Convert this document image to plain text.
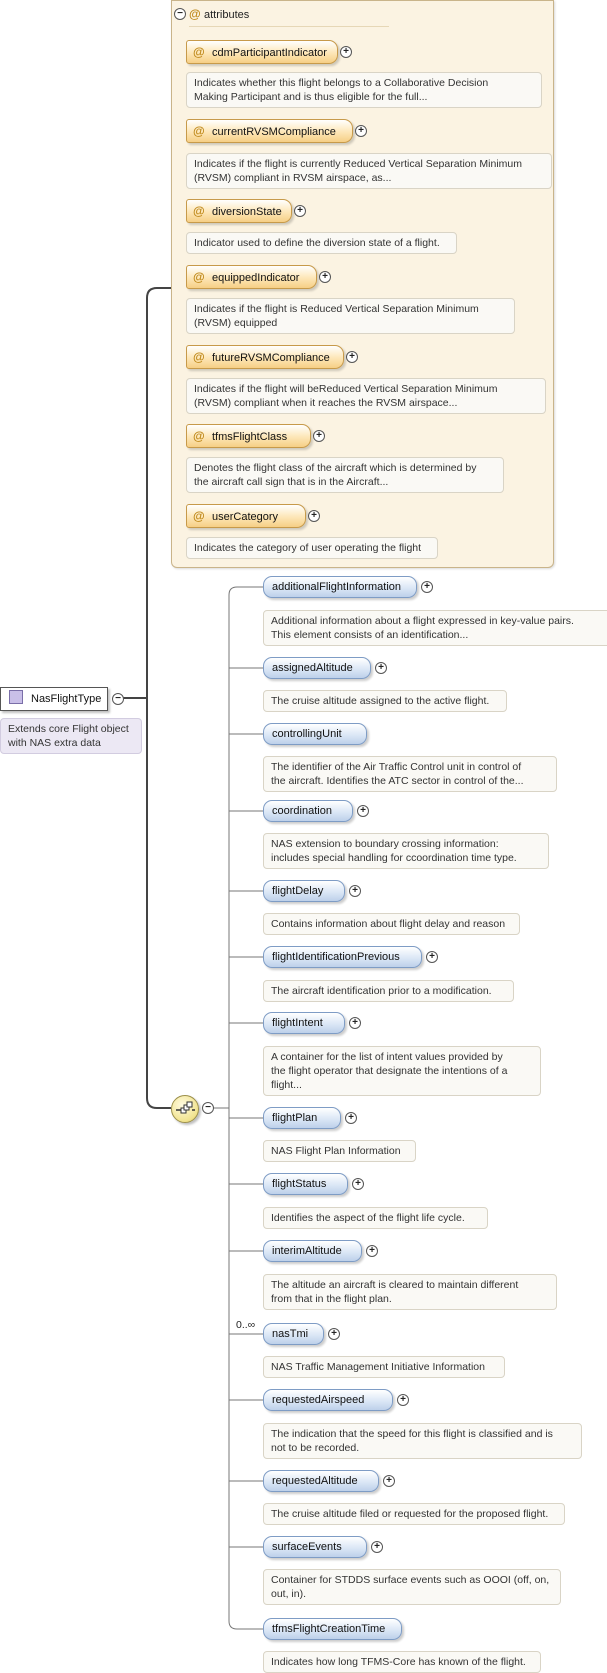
− @ attributes
@ cdmParticipantIndicator	+
Indicates whether this flight belongs to a Collaborative Decision
Making Participant and is thus eligible for the full...
@ currentRVSMCompliance	+
Indicates if the flight is currently Reduced Vertical Separation Minimum
(RVSM) compliant in RVSM airspace, as...
@ diversionState	+
Indicator used to define the diversion state of a flight.
@ equippedIndicator	+
Indicates if the flight is Reduced Vertical Separation Minimum
(RVSM) equipped
@ futureRVSMCompliance	+
Indicates if the flight will beReduced Vertical Separation Minimum
(RVSM) compliant when it reaches the RVSM airspace...
@ tfmsFlightClass	+
Denotes the flight class of the aircraft which is determined by
the aircraft call sign that is in the Aircraft...
@ userCategory	+
Indicates the category of user operating the flight
NasFlightType	−
Extends core Flight object
with NAS extra data
−
additionalFlightInformation	+
Additional information about a flight expressed in key-value pairs.
This element consists of an identification...
assignedAltitude	+
The cruise altitude assigned to the active flight.
controllingUnit
The identifier of the Air Traffic Control unit in control of
the aircraft. Identifies the ATC sector in control of the...
coordination	+
NAS extension to boundary crossing information:
includes special handling for ccoordination time type.
flightDelay	+
Contains information about flight delay and reason
flightIdentificationPrevious	+
The aircraft identification prior to a modification.
flightIntent	+
A container for the list of intent values provided by
the flight operator that designate the intentions of a
flight...
flightPlan	+
NAS Flight Plan Information
flightStatus	+
Identifies the aspect of the flight life cycle.
interimAltitude	+
The altitude an aircraft is cleared to maintain different
from that in the flight plan.
nasTmi	+
0..∞
NAS Traffic Management Initiative Information
requestedAirspeed	+
The indication that the speed for this flight is classified and is
not to be recorded.
requestedAltitude	+
The cruise altitude filed or requested for the proposed flight.
surfaceEvents	+
Container for STDDS surface events such as OOOI (off, on,
out, in).
tfmsFlightCreationTime
Indicates how long TFMS-Core has known of the flight.
